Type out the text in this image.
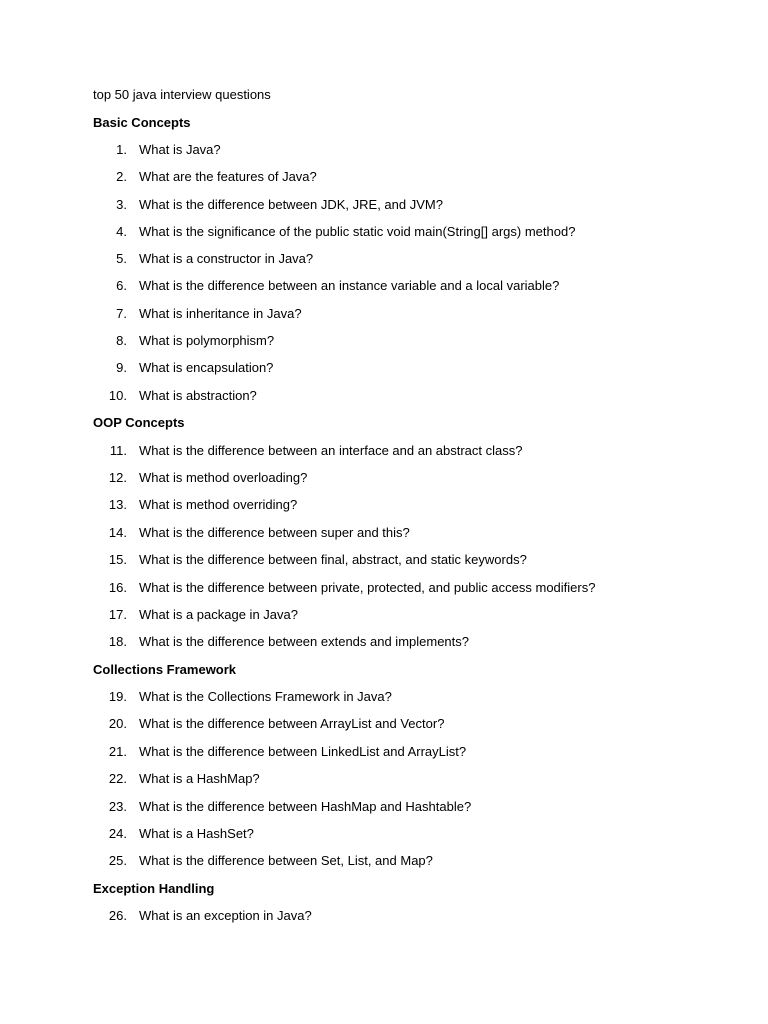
top 50 java interview questions
Basic Concepts
1. What is Java?
2. What are the features of Java?
3. What is the difference between JDK, JRE, and JVM?
4. What is the significance of the public static void main(String[] args) method?
5. What is a constructor in Java?
6. What is the difference between an instance variable and a local variable?
7. What is inheritance in Java?
8. What is polymorphism?
9. What is encapsulation?
10. What is abstraction?
OOP Concepts
11. What is the difference between an interface and an abstract class?
12. What is method overloading?
13. What is method overriding?
14. What is the difference between super and this?
15. What is the difference between final, abstract, and static keywords?
16. What is the difference between private, protected, and public access modifiers?
17. What is a package in Java?
18. What is the difference between extends and implements?
Collections Framework
19. What is the Collections Framework in Java?
20. What is the difference between ArrayList and Vector?
21. What is the difference between LinkedList and ArrayList?
22. What is a HashMap?
23. What is the difference between HashMap and Hashtable?
24. What is a HashSet?
25. What is the difference between Set, List, and Map?
Exception Handling
26. What is an exception in Java?
